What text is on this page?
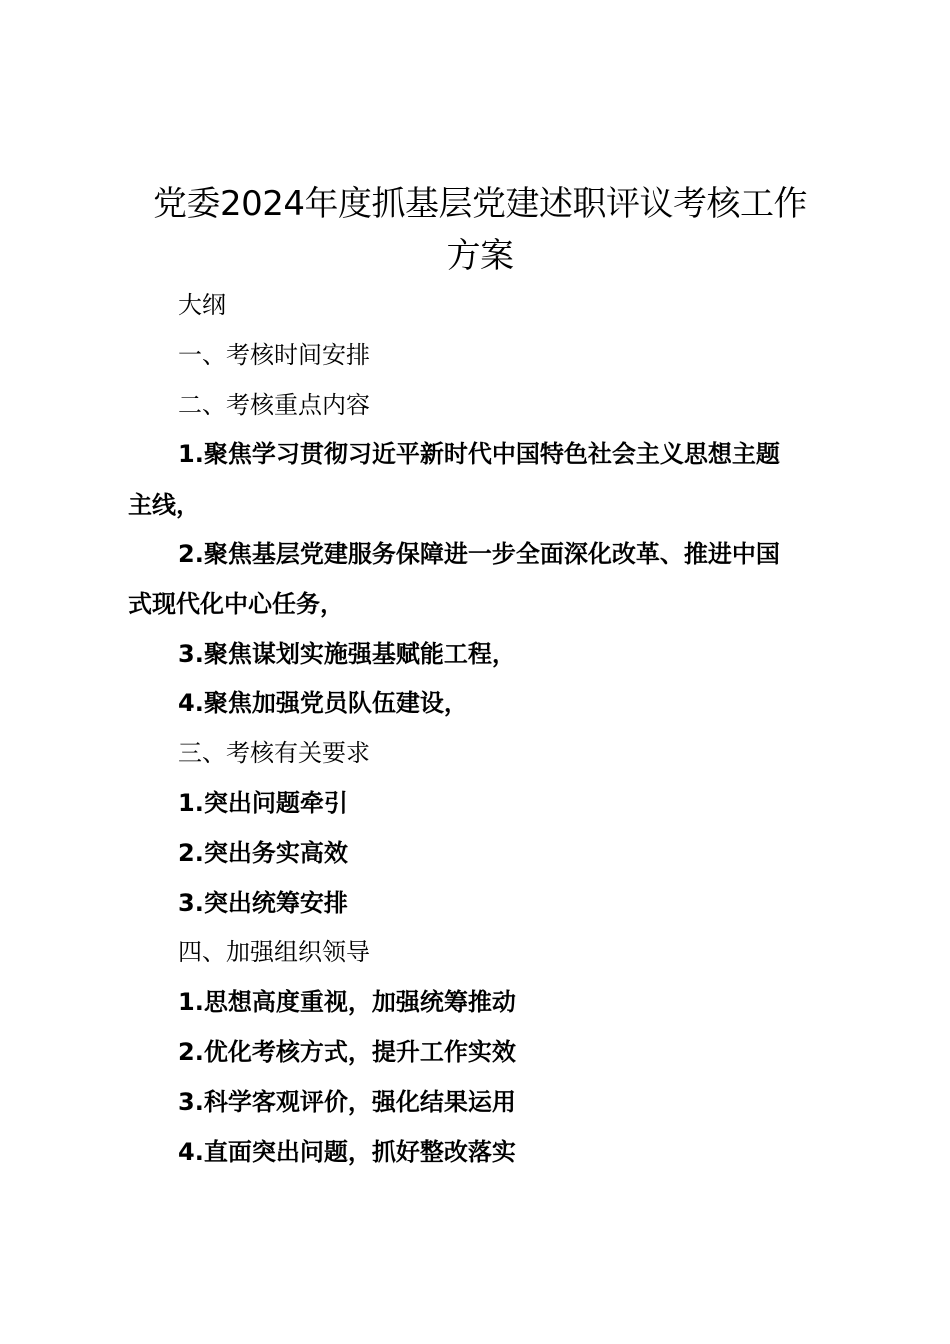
党委2024年度抓基层党建述职评议考核工作
方案
大纲
一、考核时间安排
二、考核重点内容
1.聚焦学习贯彻习近平新时代中国特色社会主义思想主题
主线，
2.聚焦基层党建服务保障进一步全面深化改革、推进中国
式现代化中心任务，
3.聚焦谋划实施强基赋能工程，
4.聚焦加强党员队伍建设，
三、考核有关要求
1.突出问题牵引
2.突出务实高效
3.突出统筹安排
四、加强组织领导
1.思想高度重视，加强统筹推动
2.优化考核方式，提升工作实效
3.科学客观评价，强化结果运用
4.直面突出问题，抓好整改落实
